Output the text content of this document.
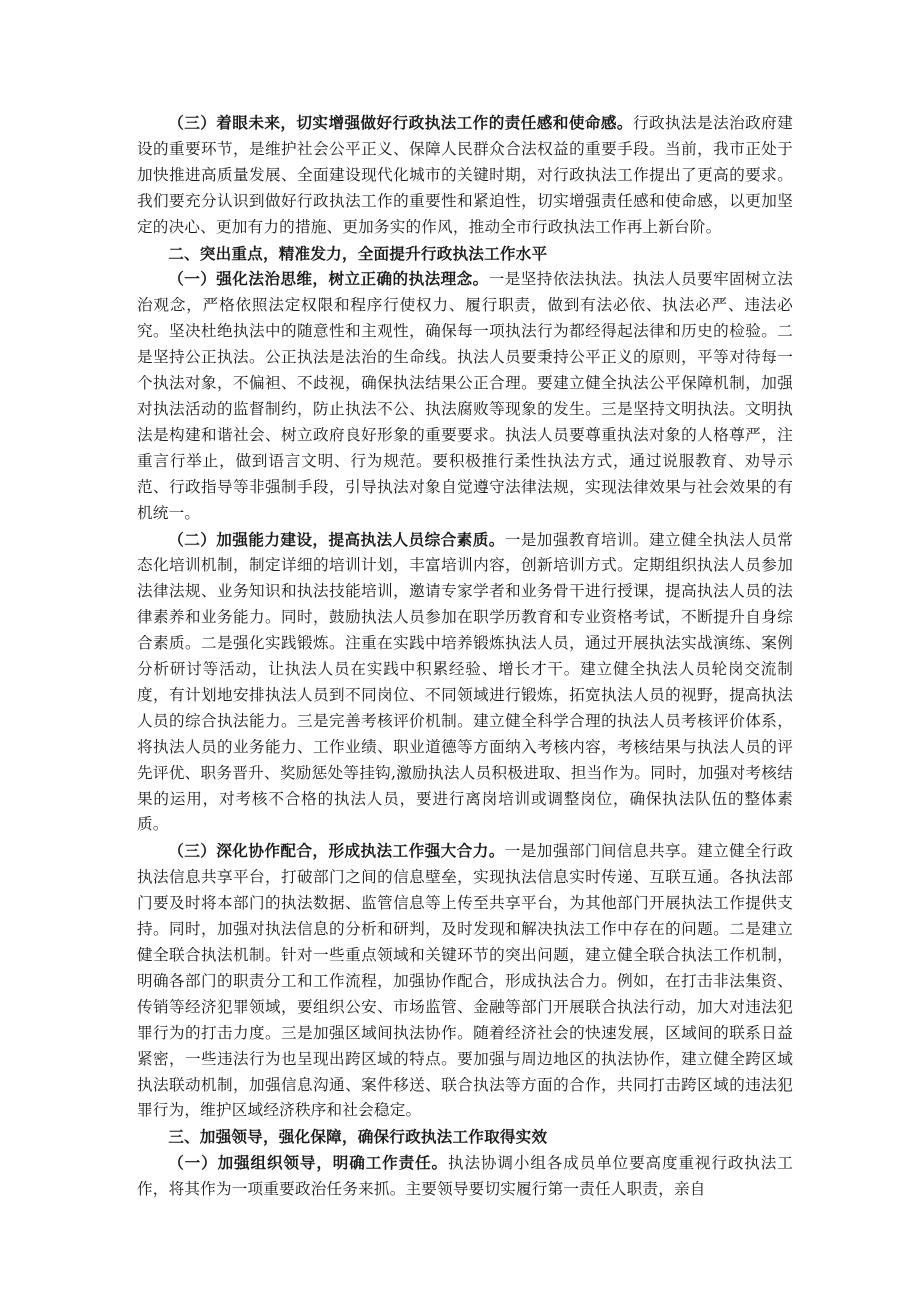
（三）着眼未来，切实增强做好行政执法工作的责任感和使命感。行政执法是法治政府建设的重要环节，是维护社会公平正义、保障人民群众合法权益的重要手段。当前，我市正处于加快推进高质量发展、全面建设现代化城市的关键时期，对行政执法工作提出了更高的要求。我们要充分认识到做好行政执法工作的重要性和紧迫性，切实增强责任感和使命感，以更加坚定的决心、更加有力的措施、更加务实的作风，推动全市行政执法工作再上新台阶。

二、突出重点，精准发力，全面提升行政执法工作水平

（一）强化法治思维，树立正确的执法理念。一是坚持依法执法。执法人员要牢固树立法治观念，严格依照法定权限和程序行使权力、履行职责，做到有法必依、执法必严、违法必究。坚决杜绝执法中的随意性和主观性，确保每一项执法行为都经得起法律和历史的检验。二是坚持公正执法。公正执法是法治的生命线。执法人员要秉持公平正义的原则，平等对待每一个执法对象，不偏袒、不歧视，确保执法结果公正合理。要建立健全执法公平保障机制，加强对执法活动的监督制约，防止执法不公、执法腐败等现象的发生。三是坚持文明执法。文明执法是构建和谐社会、树立政府良好形象的重要要求。执法人员要尊重执法对象的人格尊严，注重言行举止，做到语言文明、行为规范。要积极推行柔性执法方式，通过说服教育、劝导示范、行政指导等非强制手段，引导执法对象自觉遵守法律法规，实现法律效果与社会效果的有机统一。

（二）加强能力建设，提高执法人员综合素质。一是加强教育培训。建立健全执法人员常态化培训机制，制定详细的培训计划，丰富培训内容，创新培训方式。定期组织执法人员参加法律法规、业务知识和执法技能培训，邀请专家学者和业务骨干进行授课，提高执法人员的法律素养和业务能力。同时，鼓励执法人员参加在职学历教育和专业资格考试，不断提升自身综合素质。二是强化实践锻炼。注重在实践中培养锻炼执法人员，通过开展执法实战演练、案例分析研讨等活动，让执法人员在实践中积累经验、增长才干。建立健全执法人员轮岗交流制度，有计划地安排执法人员到不同岗位、不同领域进行锻炼，拓宽执法人员的视野，提高执法人员的综合执法能力。三是完善考核评价机制。建立健全科学合理的执法人员考核评价体系，将执法人员的业务能力、工作业绩、职业道德等方面纳入考核内容，考核结果与执法人员的评先评优、职务晋升、奖励惩处等挂钩,激励执法人员积极进取、担当作为。同时，加强对考核结果的运用，对考核不合格的执法人员，要进行离岗培训或调整岗位，确保执法队伍的整体素质。

（三）深化协作配合，形成执法工作强大合力。一是加强部门间信息共享。建立健全行政执法信息共享平台，打破部门之间的信息壁垒，实现执法信息实时传递、互联互通。各执法部门要及时将本部门的执法数据、监管信息等上传至共享平台，为其他部门开展执法工作提供支持。同时，加强对执法信息的分析和研判，及时发现和解决执法工作中存在的问题。二是建立健全联合执法机制。针对一些重点领域和关键环节的突出问题，建立健全联合执法工作机制，明确各部门的职责分工和工作流程，加强协作配合，形成执法合力。例如，在打击非法集资、传销等经济犯罪领域，要组织公安、市场监管、金融等部门开展联合执法行动，加大对违法犯罪行为的打击力度。三是加强区域间执法协作。随着经济社会的快速发展，区域间的联系日益紧密，一些违法行为也呈现出跨区域的特点。要加强与周边地区的执法协作，建立健全跨区域执法联动机制，加强信息沟通、案件移送、联合执法等方面的合作，共同打击跨区域的违法犯罪行为，维护区域经济秩序和社会稳定。

三、加强领导，强化保障，确保行政执法工作取得实效

（一）加强组织领导，明确工作责任。执法协调小组各成员单位要高度重视行政执法工作，将其作为一项重要政治任务来抓。主要领导要切实履行第一责任人职责，亲自
